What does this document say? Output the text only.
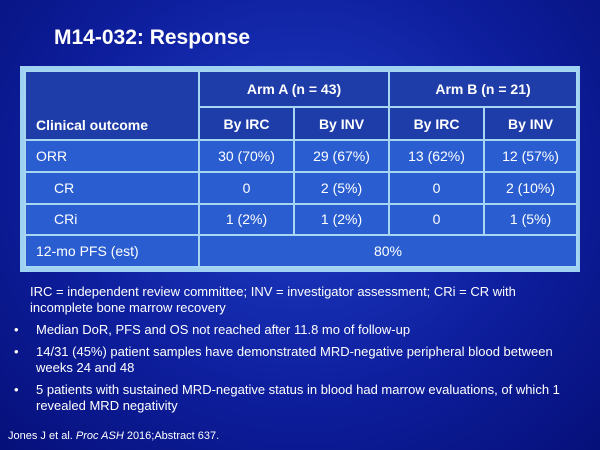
M14-032: Response
Clinical outcome	Arm A (n = 43)		Arm B (n = 21)	
	By IRC	By INV	By IRC	By INV
ORR	30 (70%)	29 (67%)	13 (62%)	12 (57%)
CR	0	2 (5%)	0	2 (10%)
CRi	1 (2%)	1 (2%)	0	1 (5%)
12-mo PFS (est)	80%			

IRC = independent review committee; INV = investigator assessment; CRi = CR with incomplete bone marrow recovery

• Median DoR, PFS and OS not reached after 11.8 mo of follow-up
• 14/31 (45%) patient samples have demonstrated MRD-negative peripheral blood between weeks 24 and 48
• 5 patients with sustained MRD-negative status in blood had marrow evaluations, of which 1 revealed MRD negativity

Jones J et al. Proc ASH 2016;Abstract 637.
